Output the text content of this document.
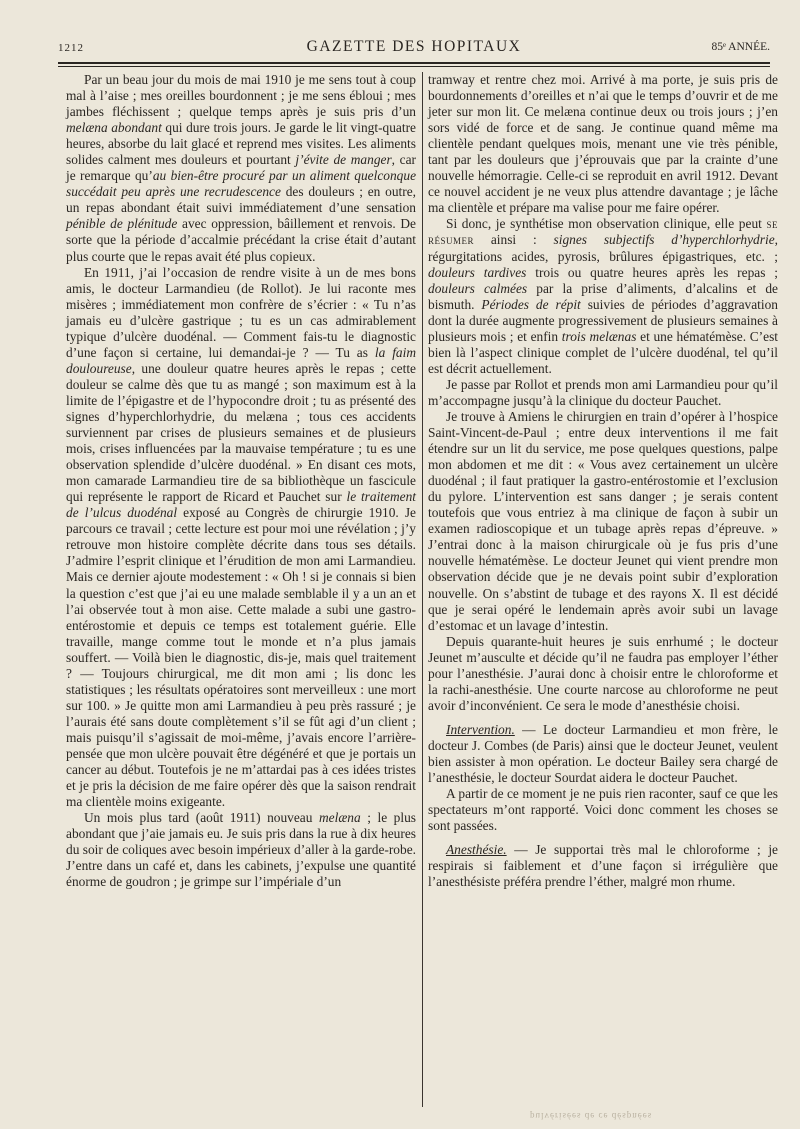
1212	GAZETTE DES HOPITAUX	85ᵉ ANNÉE.

Par un beau jour du mois de mai 1910 je me sens tout à coup mal à l’aise ; mes oreilles bourdonnent ; je me sens ébloui ; mes jambes fléchissent ; quelque temps après je suis pris d’un melæna abondant qui dure trois jours. Je garde le lit vingt-quatre heures, absorbe du lait glacé et reprend mes visites. Les aliments solides calment mes douleurs et pourtant j’évite de manger, car je remarque qu’au bien-être procuré par un aliment quelconque succédait peu après une recrudescence des douleurs ; en outre, un repas abondant était suivi immédiatement d’une sensation pénible de plénitude avec oppression, bâillement et renvois. De sorte que la période d’accalmie précédant la crise était d’autant plus courte que le repas avait été plus copieux.

En 1911, j’ai l’occasion de rendre visite à un de mes bons amis, le docteur Larmandieu (de Rollot). Je lui raconte mes misères ; immédiatement mon confrère de s’écrier : « Tu n’as jamais eu d’ulcère gastrique ; tu es un cas admirablement typique d’ulcère duodénal. — Comment fais-tu le diagnostic d’une façon si certaine, lui demandai-je ? — Tu as la faim douloureuse, une douleur quatre heures après le repas ; cette douleur se calme dès que tu as mangé ; son maximum est à la limite de l’épigastre et de l’hypocondre droit ; tu as présenté des signes d’hyperchlorhydrie, du melæna ; tous ces accidents surviennent par crises de plusieurs semaines et de plusieurs mois, crises influencées par la mauvaise température ; tu es une observation splendide d’ulcère duodénal. » En disant ces mots, mon camarade Larmandieu tire de sa bibliothèque un fascicule qui représente le rapport de Ricard et Pauchet sur le traitement de l’ulcus duodénal exposé au Congrès de chirurgie 1910. Je parcours ce travail ; cette lecture est pour moi une révélation ; j’y retrouve mon histoire complète décrite dans tous ses détails. J’admire l’esprit clinique et l’érudition de mon ami Larmandieu. Mais ce dernier ajoute modestement : « Oh ! si je connais si bien la question c’est que j’ai eu une malade semblable il y a un an et l’ai observée tout à mon aise. Cette malade a subi une gastro-entérostomie et depuis ce temps est totalement guérie. Elle travaille, mange comme tout le monde et n’a plus jamais souffert. — Voilà bien le diagnostic, dis-je, mais quel traitement ? — Toujours chirurgical, me dit mon ami ; lis donc les statistiques ; les résultats opératoires sont merveilleux : une mort sur 100. » Je quitte mon ami Larmandieu à peu près rassuré ; je l’aurais été sans doute complètement s’il se fût agi d’un client ; mais puisqu’il s’agissait de moi-même, j’avais encore l’arrière-pensée que mon ulcère pouvait être dégénéré et que je portais un cancer au début. Toutefois je ne m’attardai pas à ces idées tristes et je pris la décision de me faire opérer dès que la saison rendrait ma clientèle moins exigeante.

Un mois plus tard (août 1911) nouveau melæna ; le plus abondant que j’aie jamais eu. Je suis pris dans la rue à dix heures du soir de coliques avec besoin impérieux d’aller à la garde-robe. J’entre dans un café et, dans les cabinets, j’expulse une quantité énorme de goudron ; je grimpe sur l’impériale d’un

tramway et rentre chez moi. Arrivé à ma porte, je suis pris de bourdonnements d’oreilles et n’ai que le temps d’ouvrir et de me jeter sur mon lit. Ce melæna continue deux ou trois jours ; j’en sors vidé de force et de sang. Je continue quand même ma clientèle pendant quelques mois, menant une vie très pénible, tant par les douleurs que j’éprouvais que par la crainte d’une nouvelle hémorragie. Celle-ci se reproduit en avril 1912. Devant ce nouvel accident je ne veux plus attendre davantage ; je lâche ma clientèle et prépare ma valise pour me faire opérer.

Si donc, je synthétise mon observation clinique, elle peut se résumer ainsi : signes subjectifs d’hyperchlorhydrie, régurgitations acides, pyrosis, brûlures épigastriques, etc. ; douleurs tardives trois ou quatre heures après les repas ; douleurs calmées par la prise d’aliments, d’alcalins et de bismuth. Périodes de répit suivies de périodes d’aggravation dont la durée augmente progressivement de plusieurs semaines à plusieurs mois ; et enfin trois melænas et une hématémèse. C’est bien là l’aspect clinique complet de l’ulcère duodénal, tel qu’il est décrit actuellement.

Je passe par Rollot et prends mon ami Larmandieu pour qu’il m’accompagne jusqu’à la clinique du docteur Pauchet.

Je trouve à Amiens le chirurgien en train d’opérer à l’hospice Saint-Vincent-de-Paul ; entre deux interventions il me fait étendre sur un lit du service, me pose quelques questions, palpe mon abdomen et me dit : « Vous avez certainement un ulcère duodénal ; il faut pratiquer la gastro-entérostomie et l’exclusion du pylore. L’intervention est sans danger ; je serais content toutefois que vous entriez à ma clinique de façon à subir un examen radioscopique et un tubage après repas d’épreuve. » J’entrai donc à la maison chirurgicale où je fus pris d’une nouvelle hématémèse. Le docteur Jeunet qui vient prendre mon observation décide que je ne devais point subir d’exploration nouvelle. On s’abstint de tubage et des rayons X. Il est décidé que je serai opéré le lendemain après avoir subi un lavage d’estomac et un lavage d’intestin.

Depuis quarante-huit heures je suis enrhumé ; le docteur Jeunet m’ausculte et décide qu’il ne faudra pas employer l’éther pour l’anesthésie. J’aurai donc à choisir entre le chloroforme et la rachi-anesthésie. Une courte narcose au chloroforme ne peut avoir d’inconvénient. Ce sera le mode d’anesthésie choisi.

Intervention. — Le docteur Larmandieu et mon frère, le docteur J. Combes (de Paris) ainsi que le docteur Jeunet, veulent bien assister à mon opération. Le docteur Bailey sera chargé de l’anesthésie, le docteur Sourdat aidera le docteur Pauchet.

A partir de ce moment je ne puis rien raconter, sauf ce que les spectateurs m’ont rapporté. Voici donc comment les choses se sont passées.

Anesthésie. — Je supportai très mal le chloroforme ; je respirais si faiblement et d’une façon si irrégulière que l’anesthésiste préféra prendre l’éther, malgré mon rhume.

pulvérisées de ce déspnées
